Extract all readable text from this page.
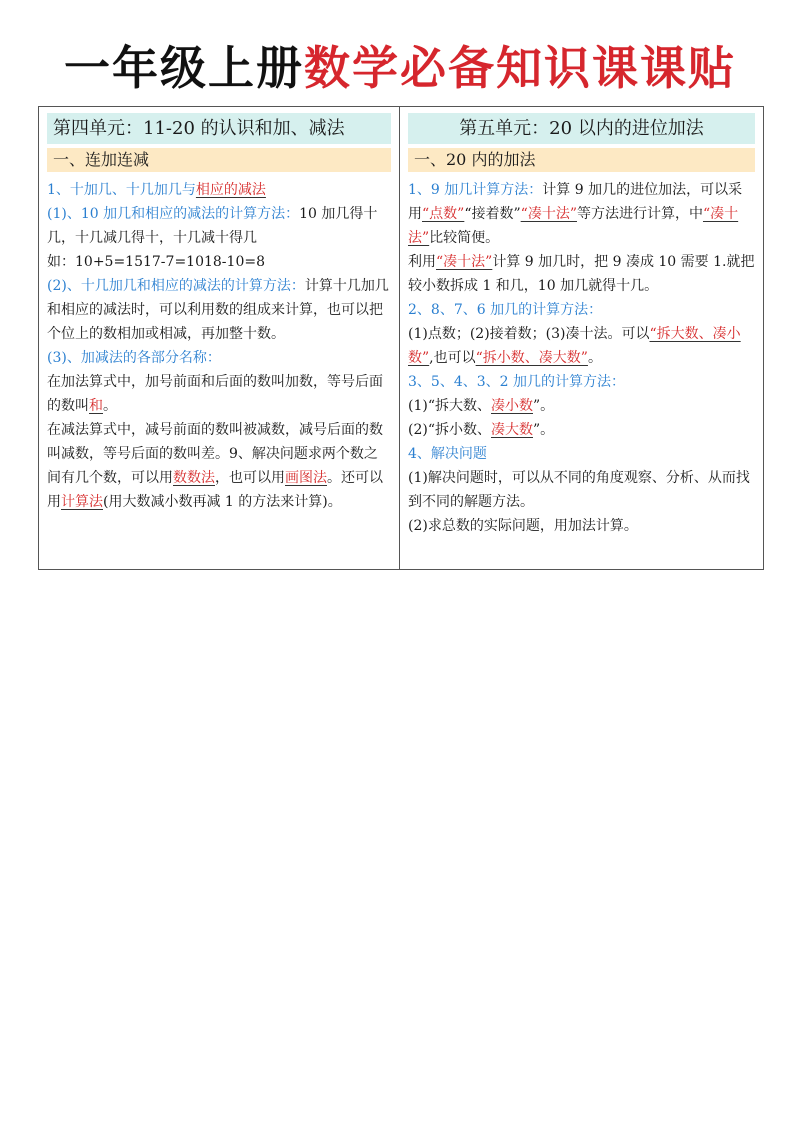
一年级上册数学必备知识课课贴
第四单元：11-20 的认识和加、减法
一、连加连减

1、十加几、十几加几与相应的减法

(1)、10 加几和相应的减法的计算方法：10 加几得十几，十几减几得十，十几减十得几

如：10+5=1517-7=1018-10=8

(2)、十几加几和相应的减法的计算方法：计算十几加几和相应的减法时，可以利用数的组成来计算，也可以把个位上的数相加或相减，再加整十数。

(3)、加减法的各部分名称：

在加法算式中，加号前面和后面的数叫加数，等号后面的数叫和。

在减法算式中，减号前面的数叫被减数，减号后面的数叫减数，等号后面的数叫差。9、解决问题求两个数之间有几个数，可以用数数法，也可以用画图法。还可以用计算法(用大数减小数再减 1 的方法来计算)。

第五单元：20 以内的进位加法
一、20 内的加法

1、9 加几计算方法：计算 9 加几的进位加法，可以采用“点数”“接着数”“凑十法”等方法进行计算，中“凑十法”比较简便。

利用“凑十法”计算 9 加几时，把 9 凑成 10 需要 1.就把较小数拆成 1 和几，10 加几就得十几。

2、8、7、6 加几的计算方法：

(1)点数；(2)接着数；(3)凑十法。可以“拆大数、凑小数”,也可以“拆小数、凑大数”。

3、5、4、3、2 加几的计算方法：

(1)“拆大数、凑小数”。

(2)“拆小数、凑大数”。

4、解决问题

(1)解决问题时，可以从不同的角度观察、分析、从而找到不同的解题方法。

(2)求总数的实际问题，用加法计算。
